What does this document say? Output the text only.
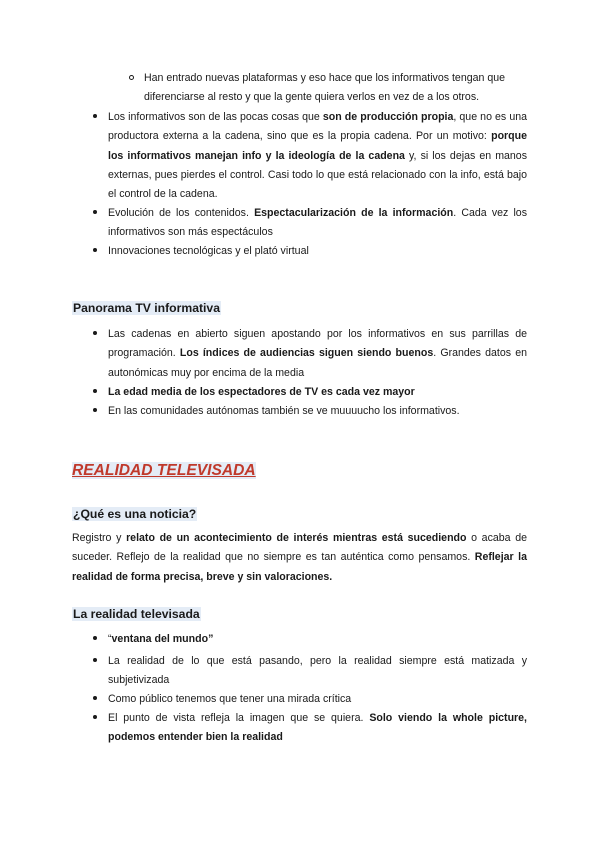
Han entrado nuevas plataformas y eso hace que los informativos tengan que
diferenciarse al resto y que la gente quiera verlos en vez de a los otros.
Los informativos son de las pocas cosas que son de producción propia, que no es una productora externa a la cadena, sino que es la propia cadena. Por un motivo: porque los informativos manejan info y la ideología de la cadena y, si los dejas en manos externas, pues pierdes el control. Casi todo lo que está relacionado con la info, está bajo el control de la cadena.
Evolución de los contenidos. Espectacularización de la información. Cada vez los informativos son más espectáculos
Innovaciones tecnológicas y el plató virtual
Panorama TV informativa
Las cadenas en abierto siguen apostando por los informativos en sus parrillas de programación. Los índices de audiencias siguen siendo buenos. Grandes datos en autonómicas muy por encima de la media
La edad media de los espectadores de TV es cada vez mayor
En las comunidades autónomas también se ve muuuucho los informativos.
REALIDAD TELEVISADA
¿Qué es una noticia?
Registro y relato de un acontecimiento de interés mientras está sucediendo o acaba de suceder. Reflejo de la realidad que no siempre es tan auténtica como pensamos. Reflejar la realidad de forma precisa, breve y sin valoraciones.
La realidad televisada
“ventana del mundo”
La realidad de lo que está pasando, pero la realidad siempre está matizada y subjetivizada
Como público tenemos que tener una mirada crítica
El punto de vista refleja la imagen que se quiera. Solo viendo la whole picture, podemos entender bien la realidad
